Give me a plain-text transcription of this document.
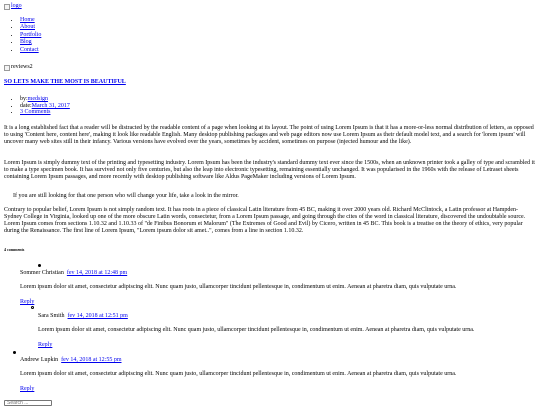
logo
• Home
• About
• Portfolio
• Blog
• Contact
reviews2
SO LETS MAKE THE MOST IS BEAUTIFUL
• by:medsign
• date:March 31, 2017
• 3 Comments

It is a long established fact that a reader will be distracted by the readable content of a page when looking at its layout. The point of using Lorem Ipsum is that it has a more-or-less normal distribution of letters, as opposed to using 'Content here, content here', making it look like readable English. Many desktop publishing packages and web page editors now use Lorem Ipsum as their default model text, and a search for 'lorem ipsum' will uncover many web sites still in their infancy. Various versions have evolved over the years, sometimes by accident, sometimes on purpose (injected humour and the like).

Lorem Ipsum is simply dummy text of the printing and typesetting industry. Lorem Ipsum has been the industry's standard dummy text ever since the 1500s, when an unknown printer took a galley of type and scrambled it to make a type specimen book. It has survived not only five centuries, but also the leap into electronic typesetting, remaining essentially unchanged. It was popularised in the 1960s with the release of Letraset sheets containing Lorem Ipsum passages, and more recently with desktop publishing software like Aldus PageMaker including versions of Lorem Ipsum.

If you are still looking for that one person who will change your life, take a look in the mirror.

Contrary to popular belief, Lorem Ipsum is not simply random text. It has roots in a piece of classical Latin literature from 45 BC, making it over 2000 years old. Richard McClintock, a Latin professor at Hampden-Sydney College in Virginia, looked up one of the more obscure Latin words, consectetur, from a Lorem Ipsum passage, and going through the cites of the word in classical literature, discovered the undoubtable source. Lorem Ipsum comes from sections 1.10.32 and 1.10.33 of "de Finibus Bonorum et Malorum" (The Extremes of Good and Evil) by Cicero, written in 45 BC. This book is a treatise on the theory of ethics, very popular during the Renaissance. The first line of Lorem Ipsum, "Lorem ipsum dolor sit amet..", comes from a line in section 1.10.32.

4 comments
Sommer Christian fev 14, 2018 at 12:48 pm
Lorem ipsum dolor sit amet, consectetur adipiscing elit. Nunc quam justo, ullamcorper tincidunt pellentesque in, condimentum ut enim. Aenean at pharetra diam, quis vulputate urna.
Reply
Sara Smith fev 14, 2018 at 12:51 pm
Lorem ipsum dolor sit amet, consectetur adipiscing elit. Nunc quam justo, ullamcorper tincidunt pellentesque in, condimentum ut enim. Aenean at pharetra diam, quis vulputate urna.
Reply
Andrew Lupkin fev 14, 2018 at 12:55 pm
Lorem ipsum dolor sit amet, consectetur adipiscing elit. Nunc quam justo, ullamcorper tincidunt pellentesque in, condimentum ut enim. Aenean at pharetra diam, quis vulputate urna.
Reply
Search ...
